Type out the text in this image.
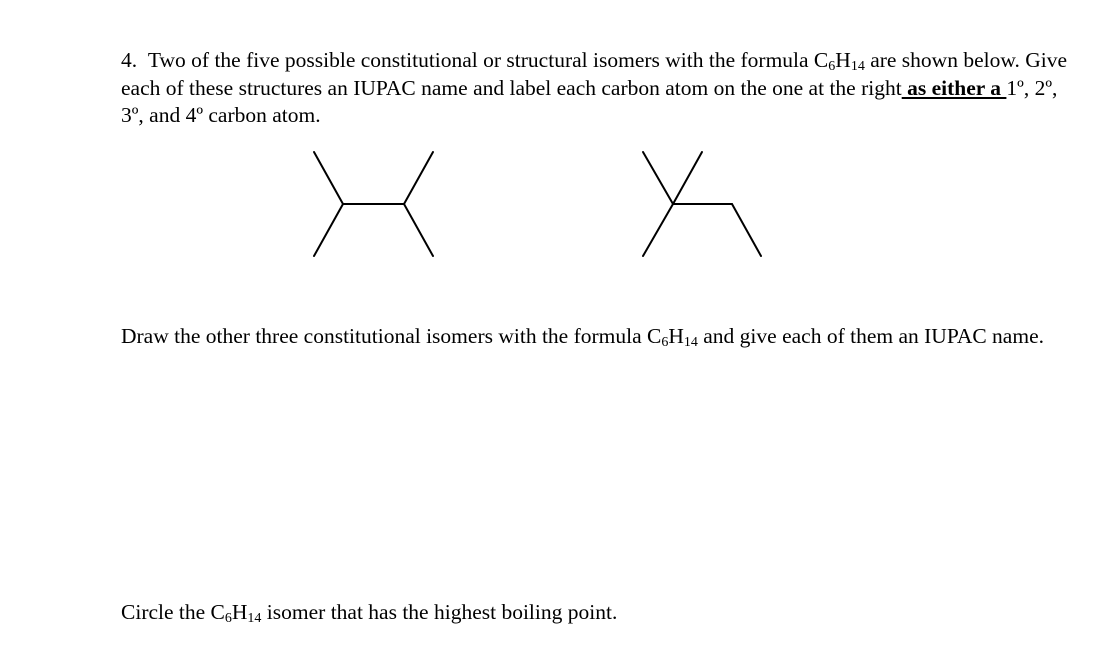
4. Two of the five possible constitutional or structural isomers with the formula $C_6H_{14}$ are shown below. Give each of these structures an IUPAC name and label each carbon atom on the one at the right as either a 1º, 2º, 3º, and 4º carbon atom.

Draw the other three constitutional isomers with the formula $C_6H_{14}$ and give each of them an IUPAC name.

Circle the $C_6H_{14}$ isomer that has the highest boiling point.
